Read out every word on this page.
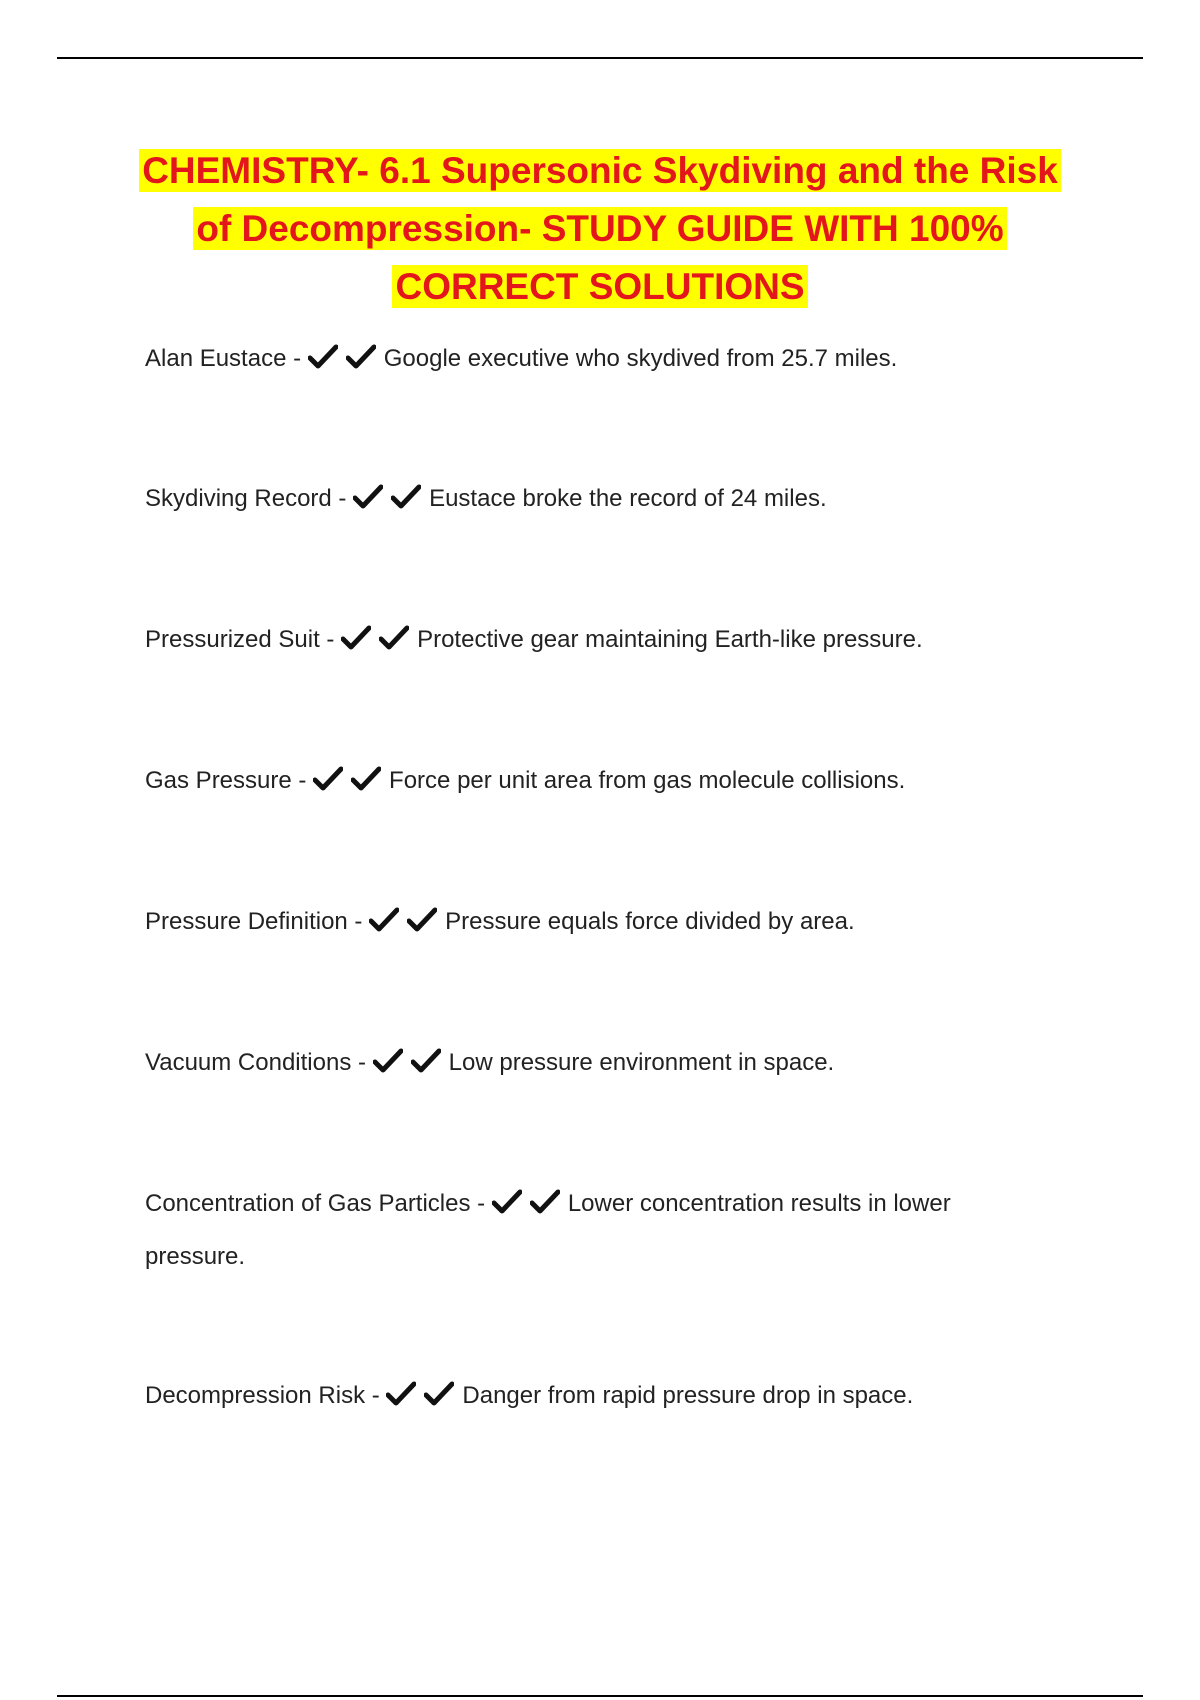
CHEMISTRY- 6.1 Supersonic Skydiving and the Risk
of Decompression- STUDY GUIDE WITH 100%
CORRECT SOLUTIONS
Alan Eustace -	Google executive who skydived from 25.7 miles.
Skydiving Record -	Eustace broke the record of 24 miles.
Pressurized Suit -	Protective gear maintaining Earth-like pressure.
Gas Pressure -	Force per unit area from gas molecule collisions.
Pressure Definition -	Pressure equals force divided by area.
Vacuum Conditions -	Low pressure environment in space.
Concentration of Gas Particles -	Lower concentration results in lower pressure.
Decompression Risk -	Danger from rapid pressure drop in space.
